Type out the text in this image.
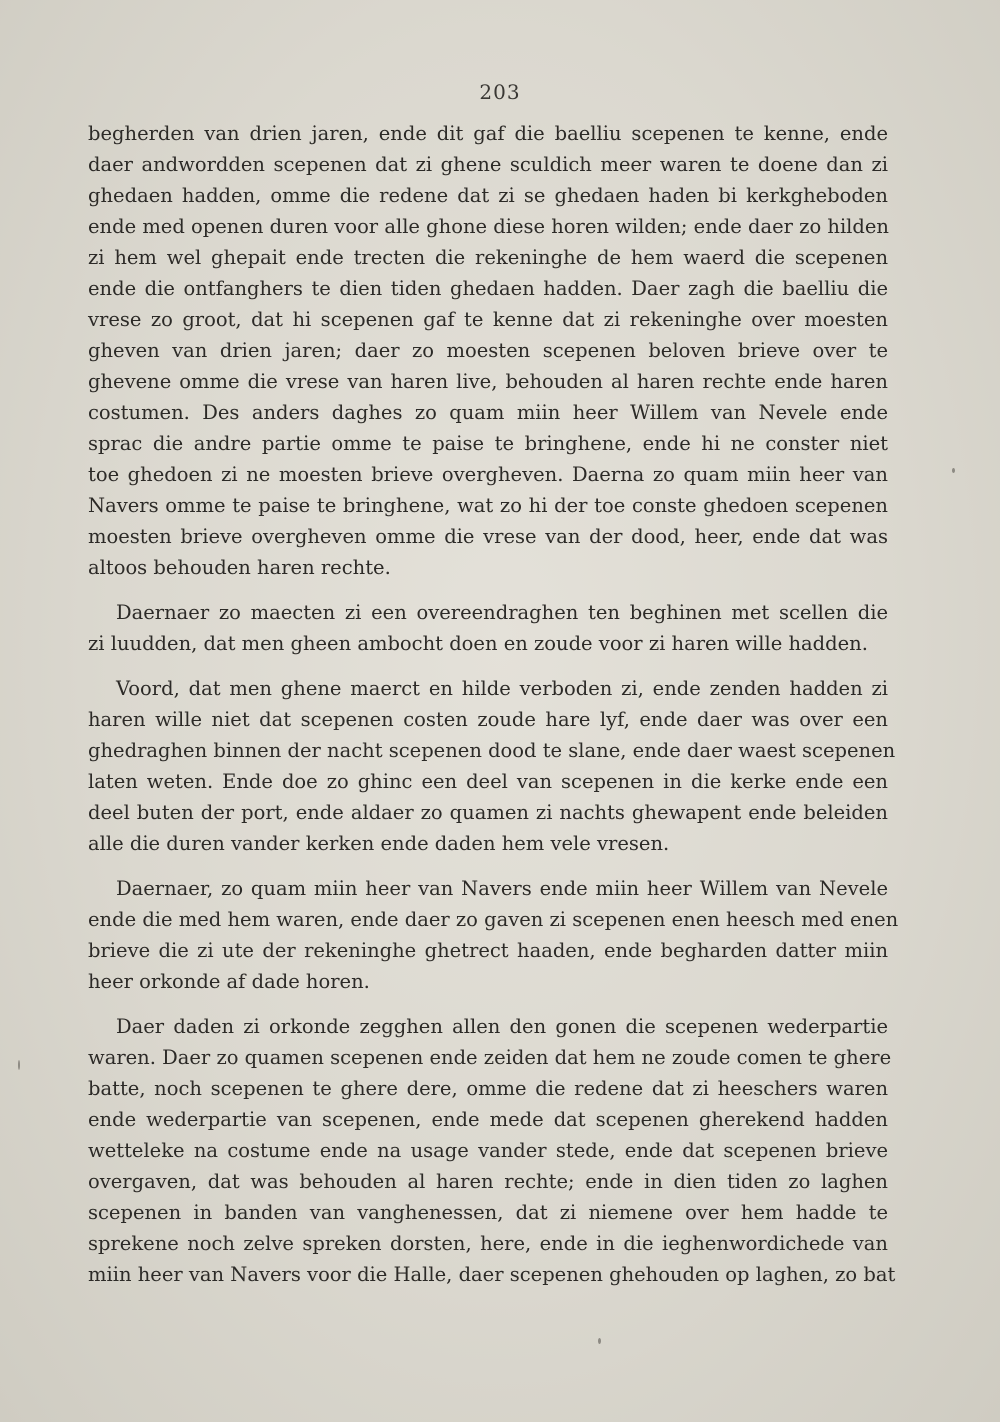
203
begherden van drien jaren, ende dit gaf die baelliu scepenen te kenne, ende
daer andwordden scepenen dat zi ghene sculdich meer waren te doene dan zi
ghedaen hadden, omme die redene dat zi se ghedaen haden bi kerkgheboden
ende med openen duren voor alle ghone diese horen wilden; ende daer zo hilden
zi hem wel ghepait ende trecten die rekeninghe de hem waerd die scepenen
ende die ontfanghers te dien tiden ghedaen hadden. Daer zagh die baelliu die
vrese zo groot, dat hi scepenen gaf te kenne dat zi rekeninghe over moesten
gheven van drien jaren; daer zo moesten scepenen beloven brieve over te
ghevene omme die vrese van haren live, behouden al haren rechte ende haren
costumen. Des anders daghes zo quam miin heer Willem van Nevele ende
sprac die andre partie omme te paise te bringhene, ende hi ne conster niet
toe ghedoen zi ne moesten brieve overgheven. Daerna zo quam miin heer van
Navers omme te paise te bringhene, wat zo hi der toe conste ghedoen scepenen
moesten brieve overgheven omme die vrese van der dood, heer, ende dat was
altoos behouden haren rechte.
Daernaer zo maecten zi een overeendraghen ten beghinen met scellen die
zi luudden, dat men gheen ambocht doen en zoude voor zi haren wille hadden.
Voord, dat men ghene maerct en hilde verboden zi, ende zenden hadden zi
haren wille niet dat scepenen costen zoude hare lyf, ende daer was over een
ghedraghen binnen der nacht scepenen dood te slane, ende daer waest scepenen
laten weten. Ende doe zo ghinc een deel van scepenen in die kerke ende een
deel buten der port, ende aldaer zo quamen zi nachts ghewapent ende beleiden
alle die duren vander kerken ende daden hem vele vresen.
Daernaer, zo quam miin heer van Navers ende miin heer Willem van Nevele
ende die med hem waren, ende daer zo gaven zi scepenen enen heesch med enen
brieve die zi ute der rekeninghe ghetrect haaden, ende begharden datter miin
heer orkonde af dade horen.
Daer daden zi orkonde zegghen allen den gonen die scepenen wederpartie
waren. Daer zo quamen scepenen ende zeiden dat hem ne zoude comen te ghere
batte, noch scepenen te ghere dere, omme die redene dat zi heeschers waren
ende wederpartie van scepenen, ende mede dat scepenen gherekend hadden
wetteleke na costume ende na usage vander stede, ende dat scepenen brieve
overgaven, dat was behouden al haren rechte; ende in dien tiden zo laghen
scepenen in banden van vanghenessen, dat zi niemene over hem hadde te
sprekene noch zelve spreken dorsten, here, ende in die ieghenwordichede van
miin heer van Navers voor die Halle, daer scepenen ghehouden op laghen, zo bat
